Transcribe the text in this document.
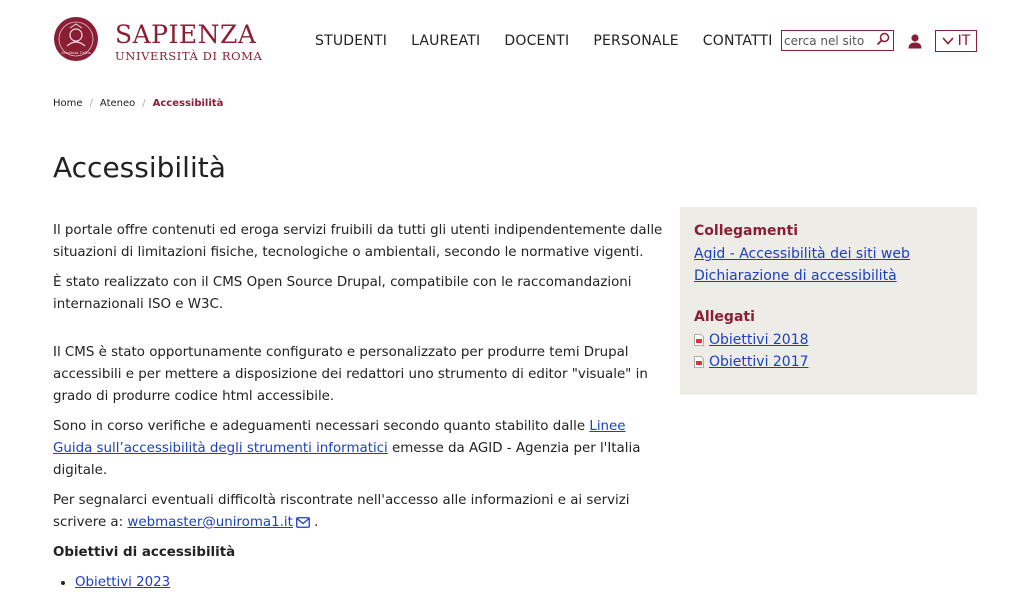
Studium Urbis
SAPIENZA
UNIVERSITÀ DI ROMA
STUDENTI LAUREATI DOCENTI PERSONALE CONTATTI
cerca nel sito	IT
Home / Ateneo / Accessibilità
Accessibilità

Il portale offre contenuti ed eroga servizi fruibili da tutti gli utenti indipendentemente dalle situazioni di limitazioni fisiche, tecnologiche o ambientali, secondo le normative vigenti.

È stato realizzato con il CMS Open Source Drupal, compatibile con le raccomandazioni internazionali ISO e W3C.

Il CMS è stato opportunamente configurato e personalizzato per produrre temi Drupal accessibili e per mettere a disposizione dei redattori uno strumento di editor "visuale" in grado di produrre codice html accessibile.

Sono in corso verifiche e adeguamenti necessari secondo quanto stabilito dalle Linee Guida sull’accessibilità degli strumenti informatici emesse da AGID - Agenzia per l'Italia digitale.

Per segnalarci eventuali difficoltà riscontrate nell'accesso alle informazioni e ai servizi scrivere a: webmaster@uniroma1.it .

Obiettivi di accessibilità
• Obiettivi 2023
Collegamenti
Agid - Accessibilità dei siti web
Dichiarazione di accessibilità
Allegati
Obiettivi 2018
Obiettivi 2017
